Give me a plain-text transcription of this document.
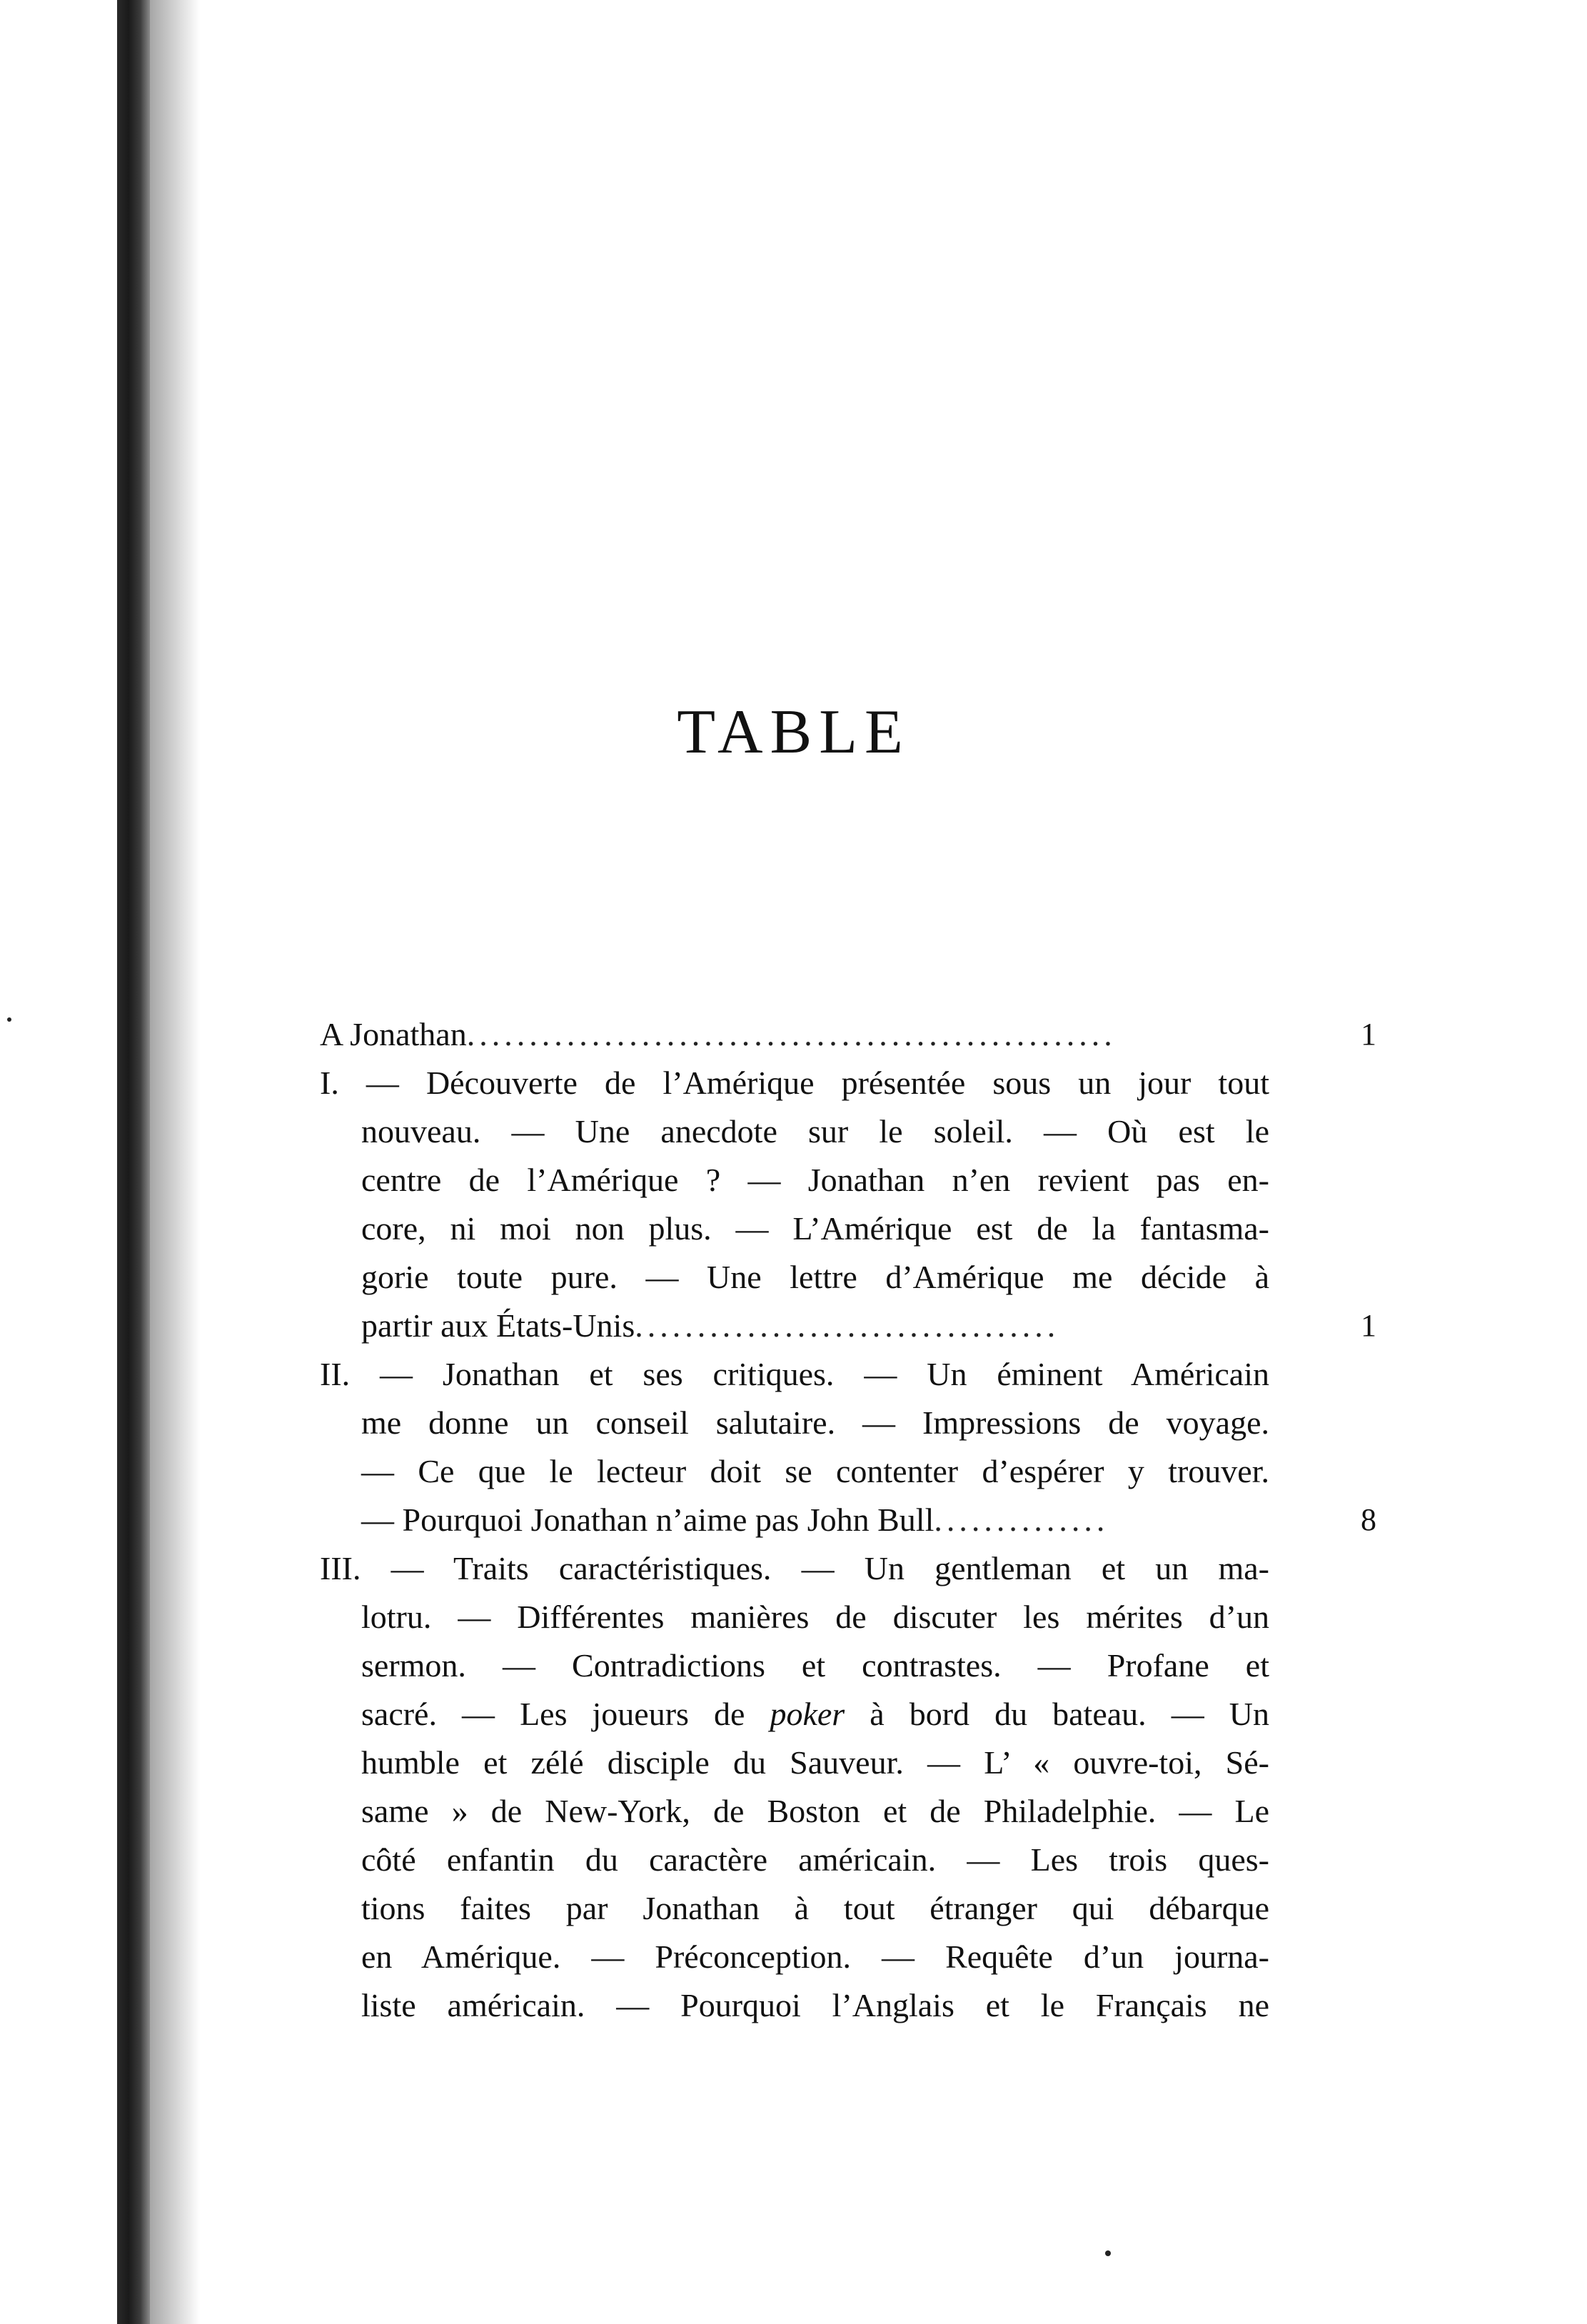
TABLE
A Jonathan....................................................	1
I. — Découverte de l’Amérique présentée sous un jour tout
nouveau. — Une anecdote sur le soleil. — Où est le
centre de l’Amérique ? — Jonathan n’en revient pas en-
core, ni moi non plus. — L’Amérique est de la fantasma-
gorie toute pure. — Une lettre d’Amérique me décide à
partir aux États-Unis..................................	1
II. — Jonathan et ses critiques. — Un éminent Américain
me donne un conseil salutaire. — Impressions de voyage.
— Ce que le lecteur doit se contenter d’espérer y trouver.
— Pourquoi Jonathan n’aime pas John Bull..............	8
III. — Traits caractéristiques. — Un gentleman et un ma-
lotru. — Différentes manières de discuter les mérites d’un
sermon. — Contradictions et contrastes. — Profane et
sacré. — Les joueurs de poker à bord du bateau. — Un
humble et zélé disciple du Sauveur. — L’ « ouvre-toi, Sé-
same » de New-York, de Boston et de Philadelphie. — Le
côté enfantin du caractère américain. — Les trois ques-
tions faites par Jonathan à tout étranger qui débarque
en Amérique. — Préconception. — Requête d’un journa-
liste américain. — Pourquoi l’Anglais et le Français ne
